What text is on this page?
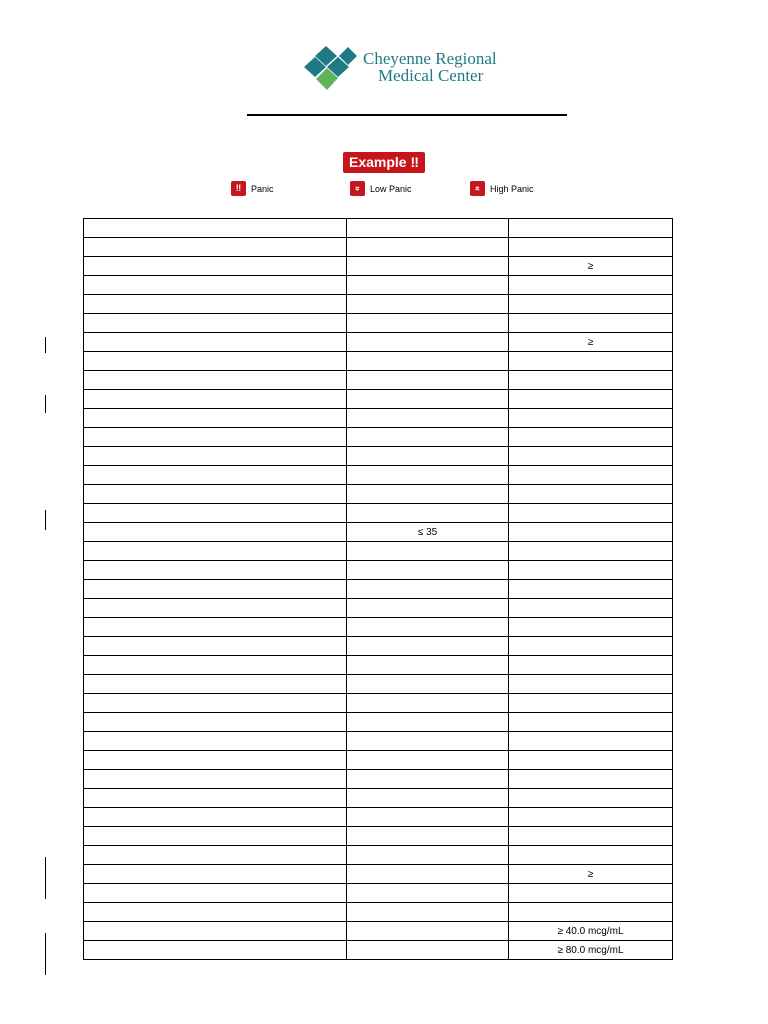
Cheyenne Regional
Medical Center
Example ‼
‼	Panic	» Low Panic	« High Panic

		≥

		≥

	≤ 35	

		≥

		≥ 40.0 mcg/mL
		≥ 80.0 mcg/mL
